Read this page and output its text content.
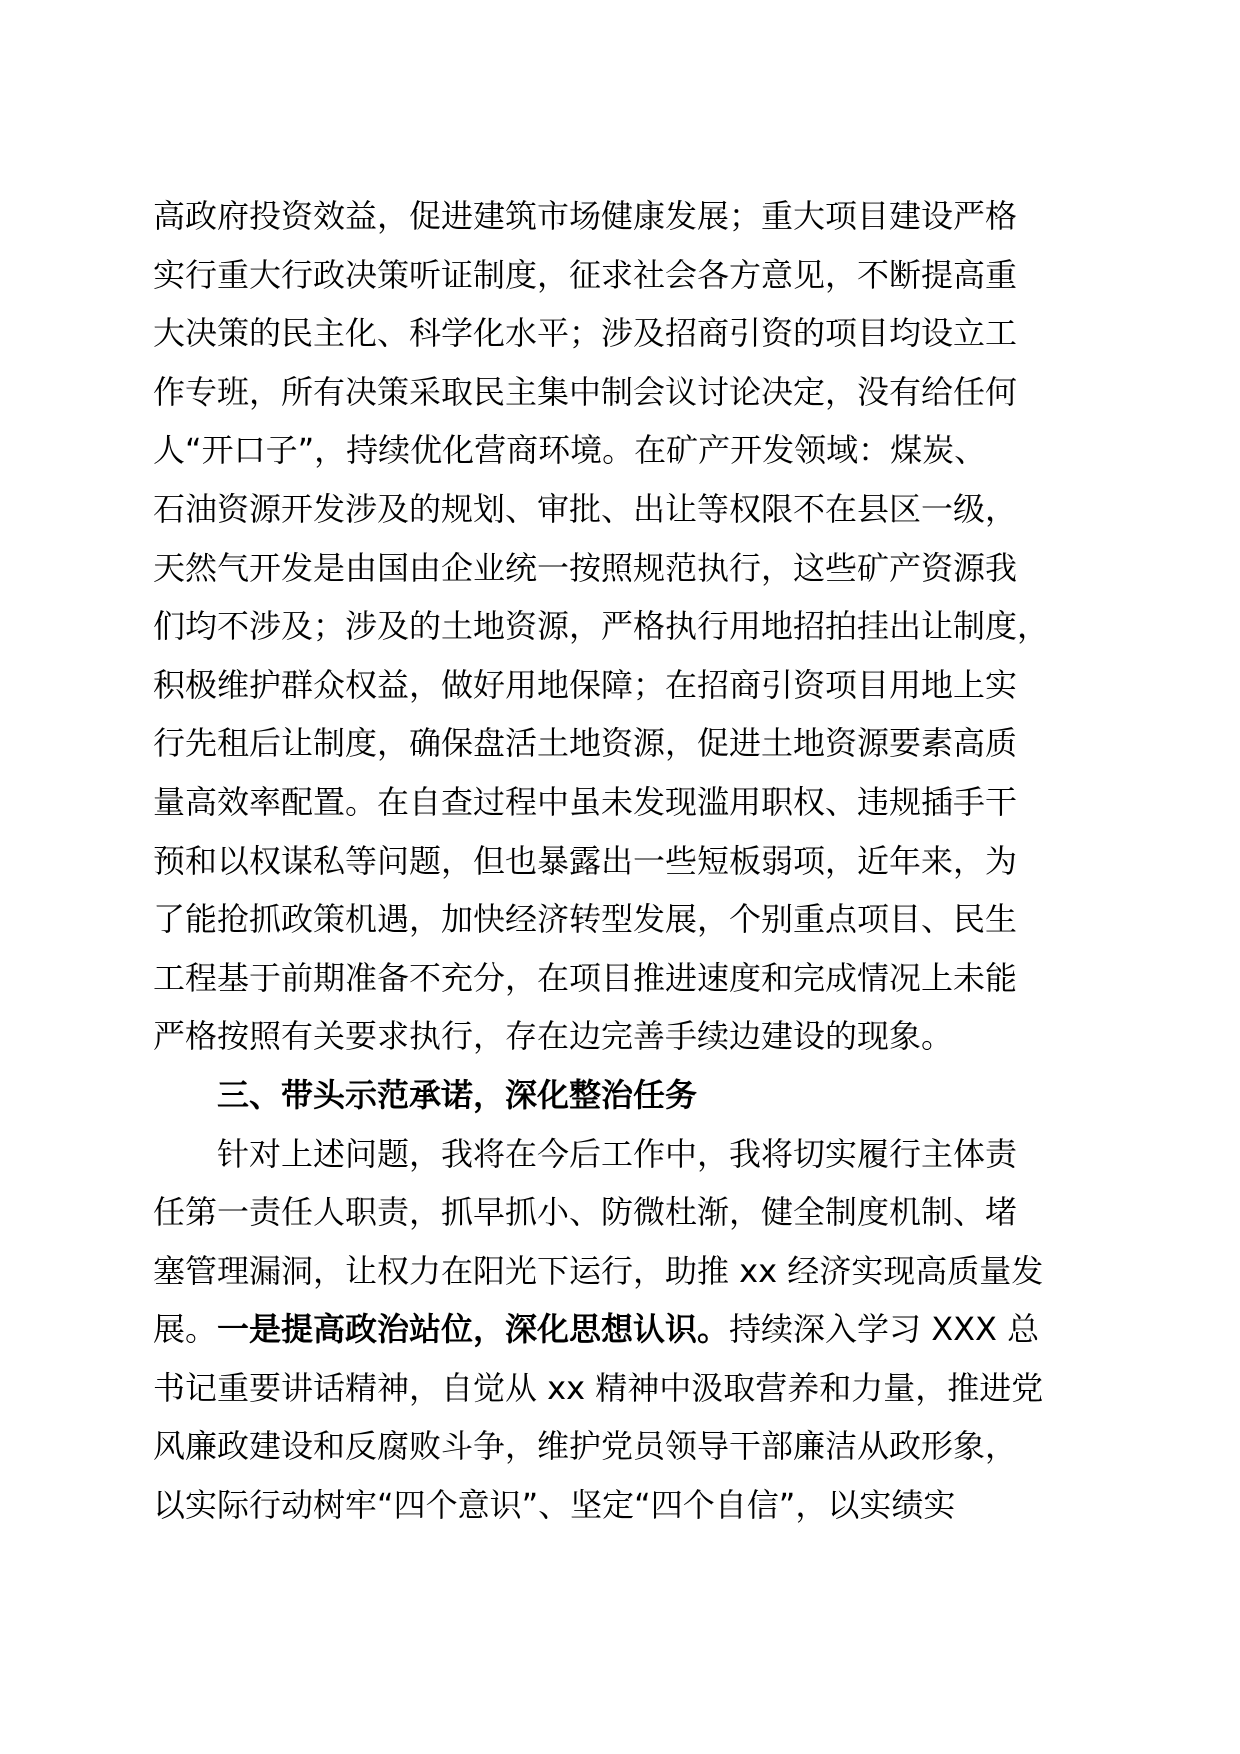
高政府投资效益，促进建筑市场健康发展；重大项目建设严格
实行重大行政决策听证制度，征求社会各方意见，不断提高重
大决策的民主化、科学化水平；涉及招商引资的项目均设立工
作专班，所有决策采取民主集中制会议讨论决定，没有给任何
人“开口子”，持续优化营商环境。在矿产开发领域：煤炭、
石油资源开发涉及的规划、审批、出让等权限不在县区一级，
天然气开发是由国由企业统一按照规范执行，这些矿产资源我
们均不涉及；涉及的土地资源，严格执行用地招拍挂出让制度，
积极维护群众权益，做好用地保障；在招商引资项目用地上实
行先租后让制度，确保盘活土地资源，促进土地资源要素高质
量高效率配置。在自查过程中虽未发现滥用职权、违规插手干
预和以权谋私等问题，但也暴露出一些短板弱项，近年来，为
了能抢抓政策机遇，加快经济转型发展，个别重点项目、民生
工程基于前期准备不充分，在项目推进速度和完成情况上未能
严格按照有关要求执行，存在边完善手续边建设的现象。
三、带头示范承诺，深化整治任务
针对上述问题，我将在今后工作中，我将切实履行主体责
任第一责任人职责，抓早抓小、防微杜渐，健全制度机制、堵
塞管理漏洞，让权力在阳光下运行，助推 xx 经济实现高质量发
展。一是提高政治站位，深化思想认识。持续深入学习 XXX 总
书记重要讲话精神，自觉从 xx 精神中汲取营养和力量，推进党
风廉政建设和反腐败斗争，维护党员领导干部廉洁从政形象，
以实际行动树牢“四个意识”、坚定“四个自信”，以实绩实
